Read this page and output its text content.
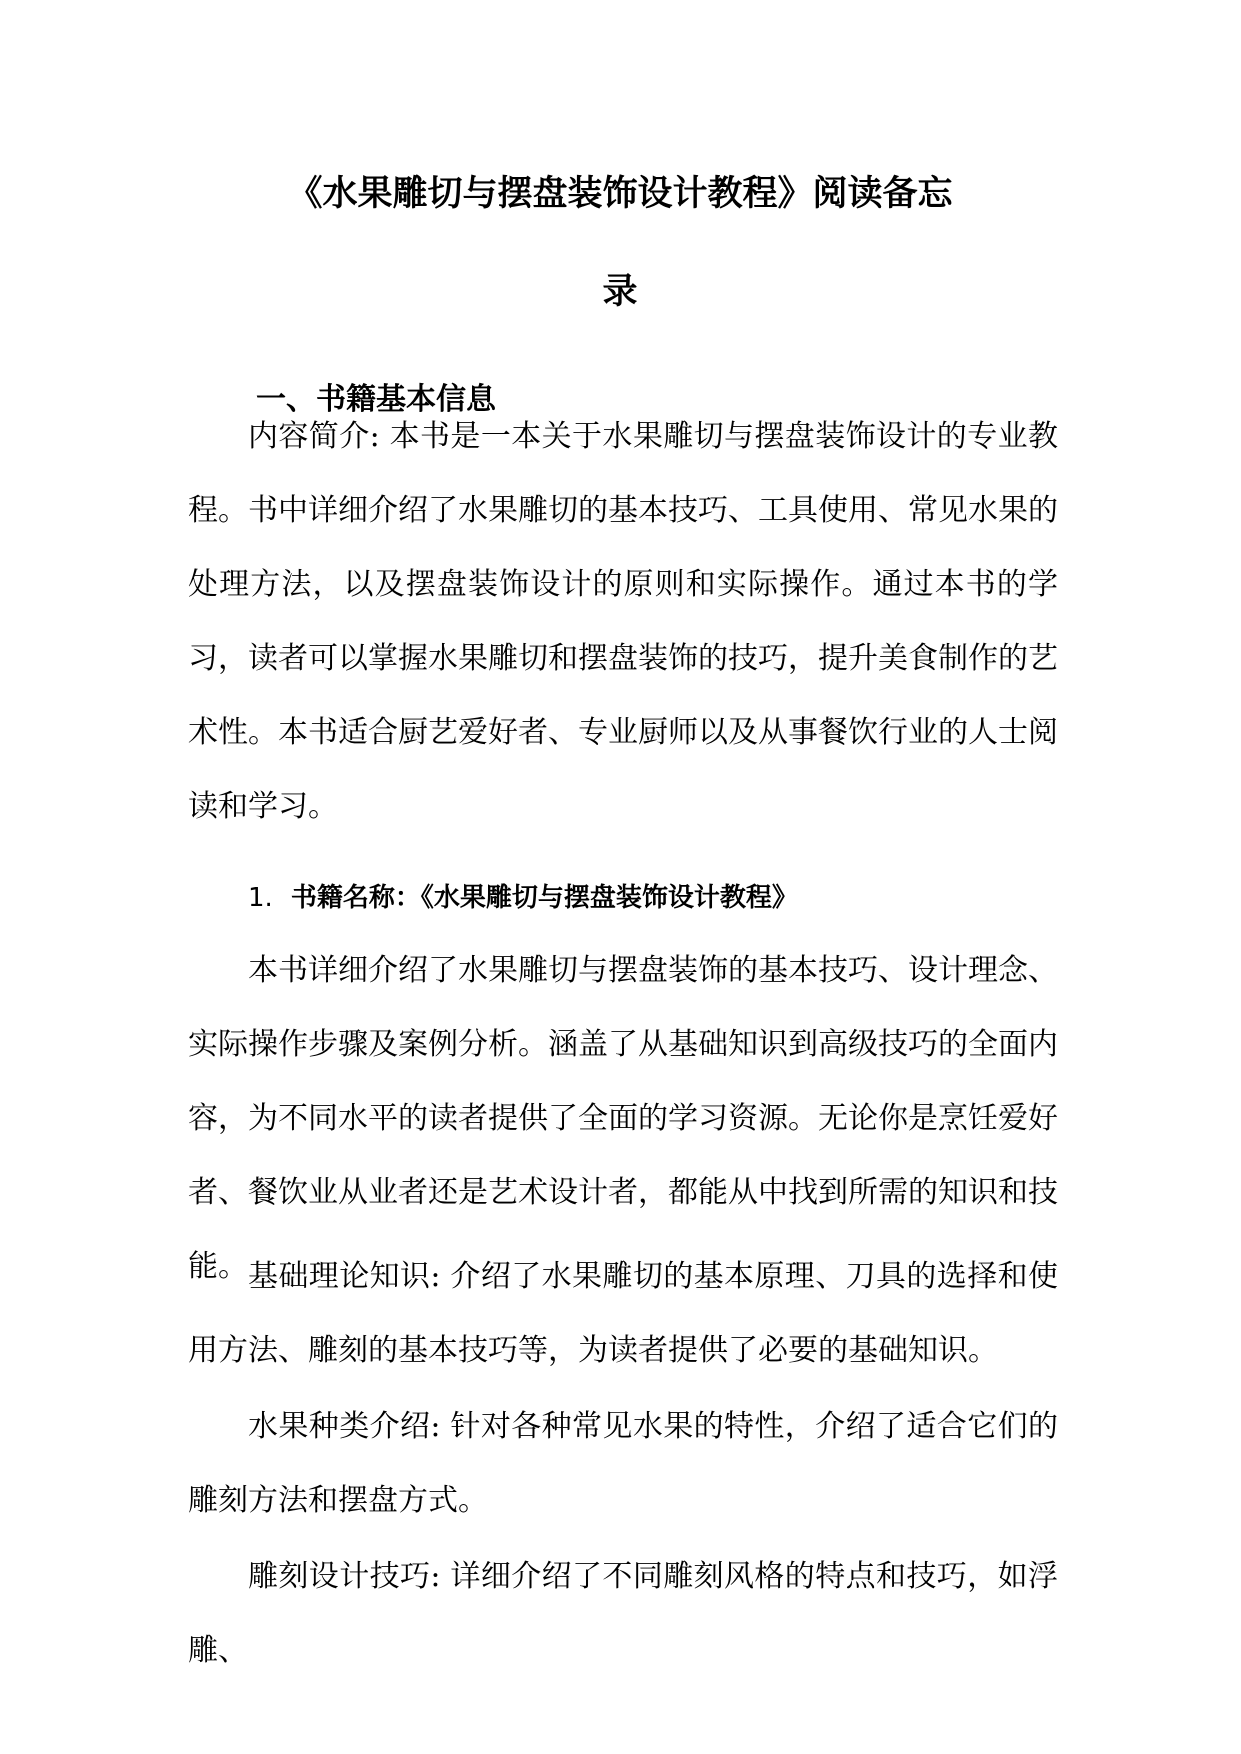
《水果雕切与摆盘装饰设计教程》阅读备忘
录
一、书籍基本信息

内容简介: 本书是一本关于水果雕切与摆盘装饰设计的专业教程。书中详细介绍了水果雕切的基本技巧、工具使用、常见水果的处理方法，以及摆盘装饰设计的原则和实际操作。通过本书的学习，读者可以掌握水果雕切和摆盘装饰的技巧，提升美食制作的艺术性。本书适合厨艺爱好者、专业厨师以及从事餐饮行业的人士阅读和学习。

1. 书籍名称：《水果雕切与摆盘装饰设计教程》

本书详细介绍了水果雕切与摆盘装饰的基本技巧、设计理念、实际操作步骤及案例分析。涵盖了从基础知识到高级技巧的全面内容，为不同水平的读者提供了全面的学习资源。无论你是烹饪爱好者、餐饮业从业者还是艺术设计者，都能从中找到所需的知识和技能。 基础理论知识: 介绍了水果雕切的基本原理、刀具的选择和使用方法、雕刻的基本技巧等，为读者提供了必要的基础知识。

水果种类介绍: 针对各种常见水果的特性，介绍了适合它们的雕刻方法和摆盘方式。

雕刻设计技巧: 详细介绍了不同雕刻风格的特点和技巧，如浮雕、
